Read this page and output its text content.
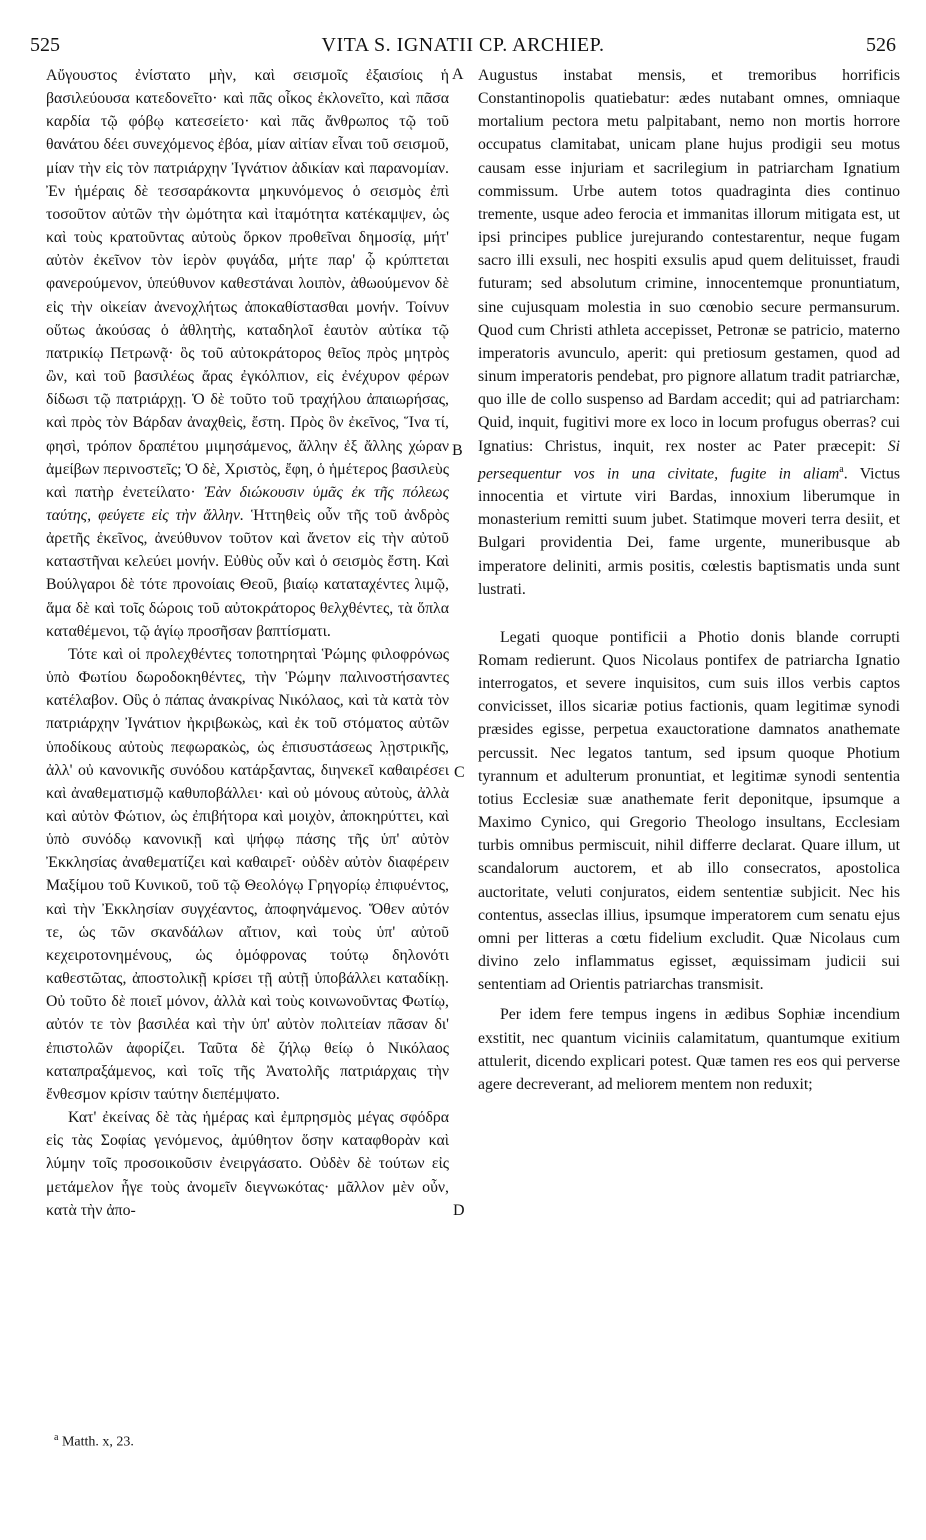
525	VITA S. IGNATII CP. ARCHIEP.	526
A
B
C
D

Αὔγουστος ἐνίστατο μὴν, καὶ σεισμοῖς ἐξαισίοις ἡ βασιλεύουσα κατεδονεῖτο· καὶ πᾶς οἶκος ἐκλονεῖτο, καὶ πᾶσα καρδία τῷ φόβῳ κατεσείετο· καὶ πᾶς ἄνθρωπος τῷ τοῦ θανάτου δέει συνεχόμενος ἐβόα, μίαν αἰτίαν εἶναι τοῦ σεισμοῦ, μίαν τὴν εἰς τὸν πατριάρχην Ἰγνάτιον ἀδικίαν καὶ παρανομίαν. Ἐν ἡμέραις δὲ τεσσαράκοντα μηκυνόμενος ὁ σεισμὸς ἐπὶ τοσοῦτον αὐτῶν τὴν ὠμότητα καὶ ἰταμότητα κατέκαμψεν, ὡς καὶ τοὺς κρατοῦντας αὐτοὺς ὅρκον προθεῖναι δημοσίᾳ, μήτ' αὐτὸν ἐκεῖνον τὸν ἱερὸν φυγάδα, μήτε παρ' ᾧ κρύπτεται φανερούμενον, ὑπεύθυνον καθεστάναι λοιπὸν, ἀθωούμενον δὲ εἰς τὴν οἰκείαν ἀνενοχλήτως ἀποκαθίστασθαι μονήν. Τοίνυν οὕτως ἀκούσας ὁ ἀθλητὴς, καταδηλοῖ ἑαυτὸν αὐτίκα τῷ πατρικίῳ Πετρωνᾷ· ὃς τοῦ αὐτοκράτορος θεῖος πρὸς μητρὸς ὢν, καὶ τοῦ βασιλέως ἄρας ἐγκόλπιον, εἰς ἐνέχυρον φέρων δίδωσι τῷ πατριάρχῃ. Ὁ δὲ τοῦτο τοῦ τραχήλου ἀπαιωρήσας, καὶ πρὸς τὸν Βάρδαν ἀναχθεὶς, ἔστη. Πρὸς ὃν ἐκεῖνος, Ἵνα τί, φησὶ, τρόπον δραπέτου μιμησάμενος, ἄλλην ἐξ ἄλλης χώραν ἀμείβων περινοστεῖς; Ὁ δὲ, Χριστὸς, ἔφη, ὁ ἡμέτερος βασιλεὺς καὶ πατὴρ ἐνετείλατο· Ἐὰν διώκουσιν ὑμᾶς ἐκ τῆς πόλεως ταύτης, φεύγετε εἰς τὴν ἄλλην. Ἡττηθεὶς οὖν τῆς τοῦ ἀνδρὸς ἀρετῆς ἐκεῖνος, ἀνεύθυνον τοῦτον καὶ ἄνετον εἰς τὴν αὐτοῦ καταστῆναι κελεύει μονήν. Εὐθὺς οὖν καὶ ὁ σεισμὸς ἔστη. Καὶ Βούλγαροι δὲ τότε προνοίαις Θεοῦ, βιαίῳ καταταχέντες λιμῷ, ἅμα δὲ καὶ τοῖς δώροις τοῦ αὐτοκράτορος θελχθέντες, τὰ ὅπλα καταθέμενοι, τῷ ἁγίῳ προσῆσαν βαπτίσματι.

Τότε καὶ οἱ προλεχθέντες τοποτηρηταὶ Ῥώμης φιλοφρόνως ὑπὸ Φωτίου δωροδοκηθέντες, τὴν Ῥώμην παλινοστήσαντες κατέλαβον. Οὓς ὁ πάπας ἀνακρίνας Νικόλαος, καὶ τὰ κατὰ τὸν πατριάρχην Ἰγνάτιον ἠκριβωκὼς, καὶ ἐκ τοῦ στόματος αὐτῶν ὑποδίκους αὐτοὺς πεφωρακὼς, ὡς ἐπισυστάσεως λῃστρικῆς, ἀλλ' οὐ κανονικῆς συνόδου κατάρξαντας, διηνεκεῖ καθαιρέσει καὶ ἀναθεματισμῷ καθυποβάλλει· καὶ οὐ μόνους αὐτοὺς, ἀλλὰ καὶ αὐτὸν Φώτιον, ὡς ἐπιβήτορα καὶ μοιχὸν, ἀποκηρύττει, καὶ ὑπὸ συνόδῳ κανονικῇ καὶ ψήφῳ πάσης τῆς ὑπ' αὐτὸν Ἐκκλησίας ἀναθεματίζει καὶ καθαιρεῖ· οὐδὲν αὐτὸν διαφέρειν Μαξίμου τοῦ Κυνικοῦ, τοῦ τῷ Θεολόγῳ Γρηγορίῳ ἐπιφυέντος, καὶ τὴν Ἐκκλησίαν συγχέαντος, ἀποφηνάμενος. Ὅθεν αὐτόν τε, ὡς τῶν σκανδάλων αἴτιον, καὶ τοὺς ὑπ' αὐτοῦ κεχειροτονημένους, ὡς ὁμόφρονας τούτῳ δηλονότι καθεστῶτας, ἀποστολικῇ κρίσει τῇ αὐτῇ ὑποβάλλει καταδίκῃ. Οὐ τοῦτο δὲ ποιεῖ μόνον, ἀλλὰ καὶ τοὺς κοινωνοῦντας Φωτίῳ, αὐτόν τε τὸν βασιλέα καὶ τὴν ὑπ' αὐτὸν πολιτείαν πᾶσαν δι' ἐπιστολῶν ἀφορίζει. Ταῦτα δὲ ζήλῳ θείῳ ὁ Νικόλαος καταπραξάμενος, καὶ τοῖς τῆς Ἀνατολῆς πατριάρχαις τὴν ἔνθεσμον κρίσιν ταύτην διεπέμψατο.

Κατ' ἐκείνας δὲ τὰς ἡμέρας καὶ ἐμπρησμὸς μέγας σφόδρα εἰς τὰς Σοφίας γενόμενος, ἀμύθητον ὅσην καταφθορὰν καὶ λύμην τοῖς προσοικοῦσιν ἐνειργάσατο. Οὐδὲν δὲ τούτων εἰς μετάμελον ἦγε τοὺς ἀνομεῖν διεγνωκότας· μᾶλλον μὲν οὖν, κατὰ τὴν ἀπο-

Augustus instabat mensis, et tremoribus horrificis Constantinopolis quatiebatur: ædes nutabant omnes, omniaque mortalium pectora metu palpitabant, nemo non mortis horrore occupatus clamitabat, unicam plane hujus prodigii seu motus causam esse injuriam et sacrilegium in patriarcham Ignatium commissum. Urbe autem totos quadraginta dies continuo tremente, usque adeo ferocia et immanitas illorum mitigata est, ut ipsi principes publice jurejurando contestarentur, neque fugam sacro illi exsuli, nec hospiti exsulis apud quem delituisset, fraudi futuram; sed absolutum crimine, innocentemque pronuntiatum, sine cujusquam molestia in suo cœnobio secure permansurum. Quod cum Christi athleta accepisset, Petronæ se patricio, materno imperatoris avunculo, aperit: qui pretiosum gestamen, quod ad sinum imperatoris pendebat, pro pignore allatum tradit patriarchæ, quo ille de collo suspenso ad Bardam accedit; qui ad patriarcham: Quid, inquit, fugitivi more ex loco in locum profugus oberras? cui Ignatius: Christus, inquit, rex noster ac Pater præcepit: Si persequentur vos in una civitate, fugite in aliam$^a$. Victus innocentia et virtute viri Bardas, innoxium liberumque in monasterium remitti suum jubet. Statimque moveri terra desiit, et Bulgari providentia Dei, fame urgente, muneribusque ab imperatore deliniti, armis positis, cœlestis baptismatis unda sunt lustrati.

Legati quoque pontificii a Photio donis blande corrupti Romam redierunt. Quos Nicolaus pontifex de patriarcha Ignatio interrogatos, et severe inquisitos, cum suis illos verbis captos convicisset, illos sicariæ potius factionis, quam legitimæ synodi præsides egisse, perpetua exauctoratione damnatos anathemate percussit. Nec legatos tantum, sed ipsum quoque Photium tyrannum et adulterum pronuntiat, et legitimæ synodi sententia totius Ecclesiæ suæ anathemate ferit deponitque, ipsumque a Maximo Cynico, qui Gregorio Theologo insultans, Ecclesiam turbis omnibus permiscuit, nihil differre declarat. Quare illum, ut scandalorum auctorem, et ab illo consecratos, apostolica auctoritate, veluti conjuratos, eidem sententiæ subjicit. Nec his contentus, asseclas illius, ipsumque imperatorem cum senatu ejus omni per litteras a cœtu fidelium excludit. Quæ Nicolaus cum divino zelo inflammatus egisset, æquissimam judicii sui sententiam ad Orientis patriarchas transmisit.

Per idem fere tempus ingens in ædibus Sophiæ incendium exstitit, nec quantum viciniis calamitatum, quantumque exitium attulerit, dicendo explicari potest. Quæ tamen res eos qui perverse agere decreverant, ad meliorem mentem non reduxit;

$^a$ Matth. x, 23.
